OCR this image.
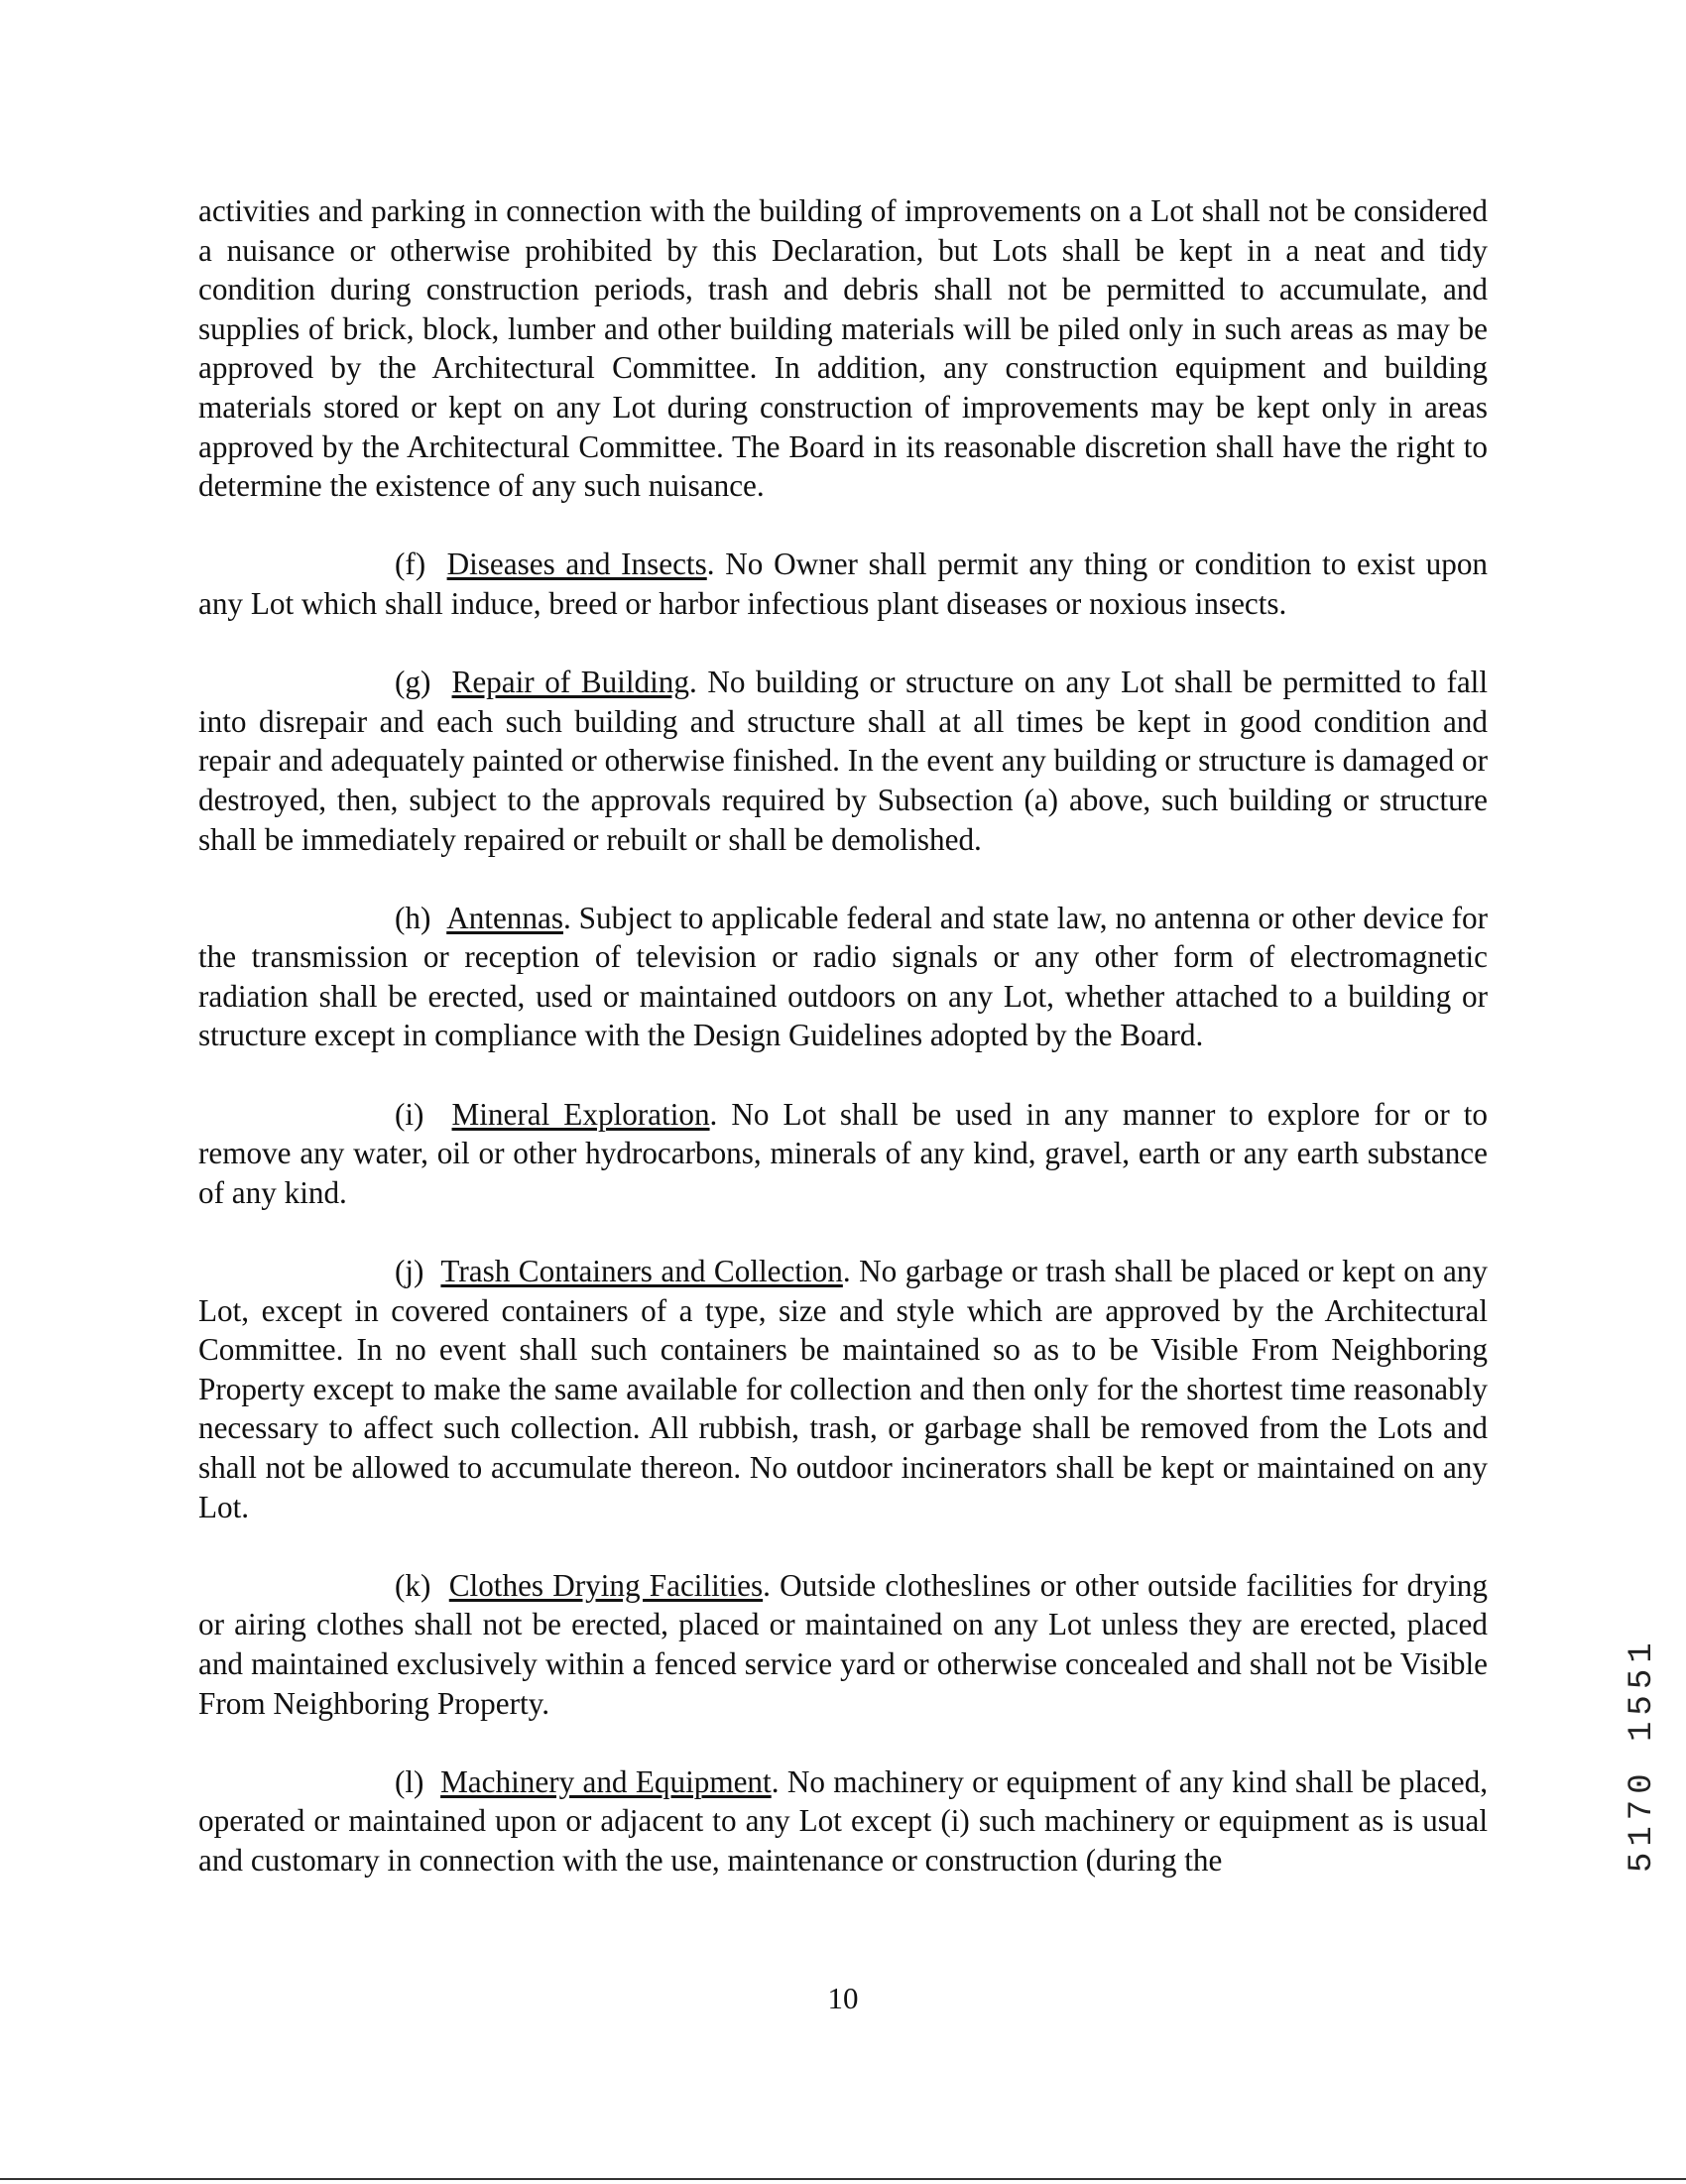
activities and parking in connection with the building of improvements on a Lot shall not be considered a nuisance or otherwise prohibited by this Declaration, but Lots shall be kept in a neat and tidy condition during construction periods, trash and debris shall not be permitted to accumulate, and supplies of brick, block, lumber and other building materials will be piled only in such areas as may be approved by the Architectural Committee. In addition, any construction equipment and building materials stored or kept on any Lot during construction of improvements may be kept only in areas approved by the Architectural Committee. The Board in its reasonable discretion shall have the right to determine the existence of any such nuisance.

(f) Diseases and Insects. No Owner shall permit any thing or condition to exist upon any Lot which shall induce, breed or harbor infectious plant diseases or noxious insects.

(g) Repair of Building. No building or structure on any Lot shall be permitted to fall into disrepair and each such building and structure shall at all times be kept in good condition and repair and adequately painted or otherwise finished. In the event any building or structure is damaged or destroyed, then, subject to the approvals required by Subsection (a) above, such building or structure shall be immediately repaired or rebuilt or shall be demolished.

(h) Antennas. Subject to applicable federal and state law, no antenna or other device for the transmission or reception of television or radio signals or any other form of electromagnetic radiation shall be erected, used or maintained outdoors on any Lot, whether attached to a building or structure except in compliance with the Design Guidelines adopted by the Board.

(i) Mineral Exploration. No Lot shall be used in any manner to explore for or to remove any water, oil or other hydrocarbons, minerals of any kind, gravel, earth or any earth substance of any kind.

(j) Trash Containers and Collection. No garbage or trash shall be placed or kept on any Lot, except in covered containers of a type, size and style which are approved by the Architectural Committee. In no event shall such containers be maintained so as to be Visible From Neighboring Property except to make the same available for collection and then only for the shortest time reasonably necessary to affect such collection. All rubbish, trash, or garbage shall be removed from the Lots and shall not be allowed to accumulate thereon. No outdoor incinerators shall be kept or maintained on any Lot.

(k) Clothes Drying Facilities. Outside clotheslines or other outside facilities for drying or airing clothes shall not be erected, placed or maintained on any Lot unless they are erected, placed and maintained exclusively within a fenced service yard or otherwise concealed and shall not be Visible From Neighboring Property.

(l) Machinery and Equipment. No machinery or equipment of any kind shall be placed, operated or maintained upon or adjacent to any Lot except (i) such machinery or equipment as is usual and customary in connection with the use, maintenance or construction (during the

10
5170 1551
